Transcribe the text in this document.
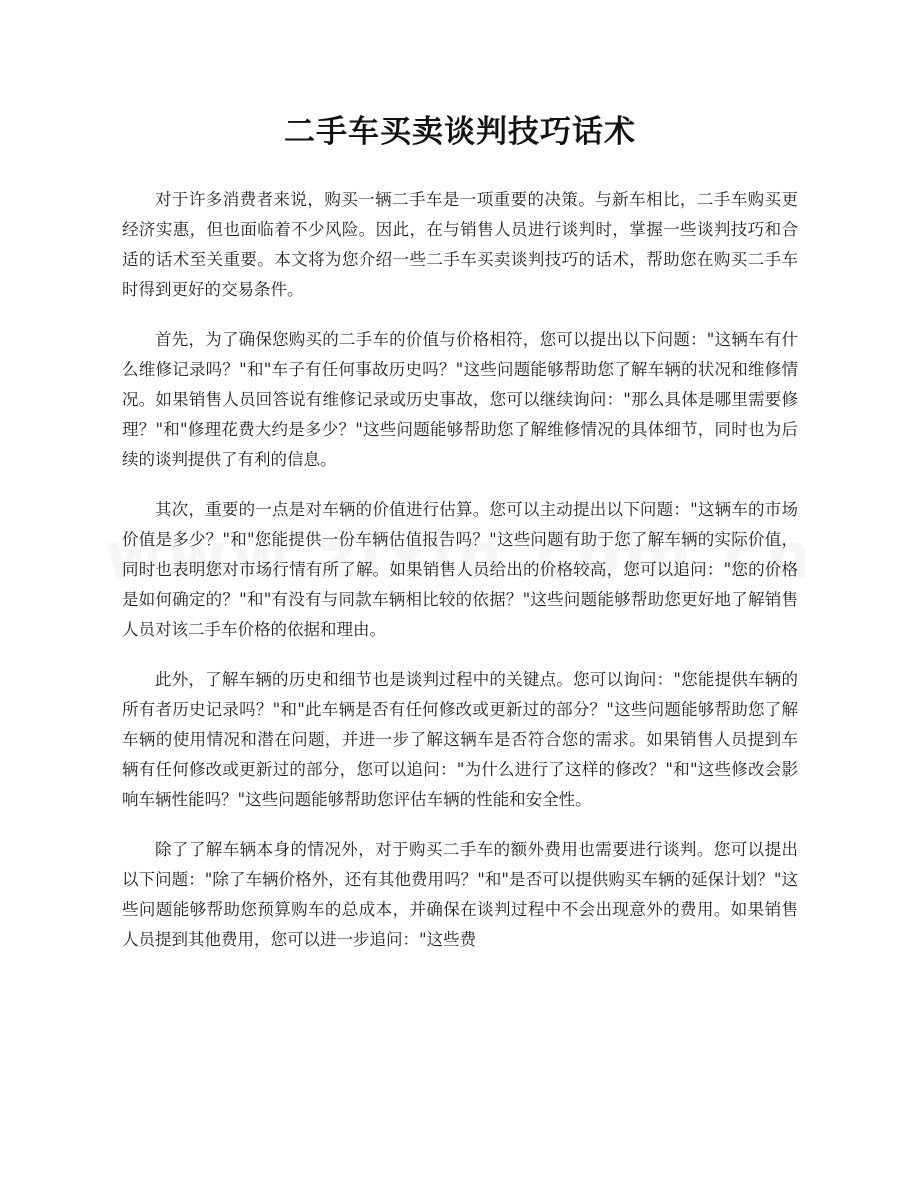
二手车买卖谈判技巧话术

对于许多消费者来说，购买一辆二手车是一项重要的决策。与新车相比，二手车购买更经济实惠，但也面临着不少风险。因此，在与销售人员进行谈判时，掌握一些谈判技巧和合适的话术至关重要。本文将为您介绍一些二手车买卖谈判技巧的话术，帮助您在购买二手车时得到更好的交易条件。

首先，为了确保您购买的二手车的价值与价格相符，您可以提出以下问题："这辆车有什么维修记录吗？"和"车子有任何事故历史吗？"这些问题能够帮助您了解车辆的状况和维修情况。如果销售人员回答说有维修记录或历史事故，您可以继续询问："那么具体是哪里需要修理？"和"修理花费大约是多少？"这些问题能够帮助您了解维修情况的具体细节，同时也为后续的谈判提供了有利的信息。

其次，重要的一点是对车辆的价值进行估算。您可以主动提出以下问题："这辆车的市场价值是多少？"和"您能提供一份车辆估值报告吗？"这些问题有助于您了解车辆的实际价值，同时也表明您对市场行情有所了解。如果销售人员给出的价格较高，您可以追问："您的价格是如何确定的？"和"有没有与同款车辆相比较的依据？"这些问题能够帮助您更好地了解销售人员对该二手车价格的依据和理由。

此外，了解车辆的历史和细节也是谈判过程中的关键点。您可以询问："您能提供车辆的所有者历史记录吗？"和"此车辆是否有任何修改或更新过的部分？"这些问题能够帮助您了解车辆的使用情况和潜在问题，并进一步了解这辆车是否符合您的需求。如果销售人员提到车辆有任何修改或更新过的部分，您可以追问："为什么进行了这样的修改？"和"这些修改会影响车辆性能吗？"这些问题能够帮助您评估车辆的性能和安全性。

除了了解车辆本身的情况外，对于购买二手车的额外费用也需要进行谈判。您可以提出以下问题："除了车辆价格外，还有其他费用吗？"和"是否可以提供购买车辆的延保计划？"这些问题能够帮助您预算购车的总成本，并确保在谈判过程中不会出现意外的费用。如果销售人员提到其他费用，您可以进一步追问："这些费
